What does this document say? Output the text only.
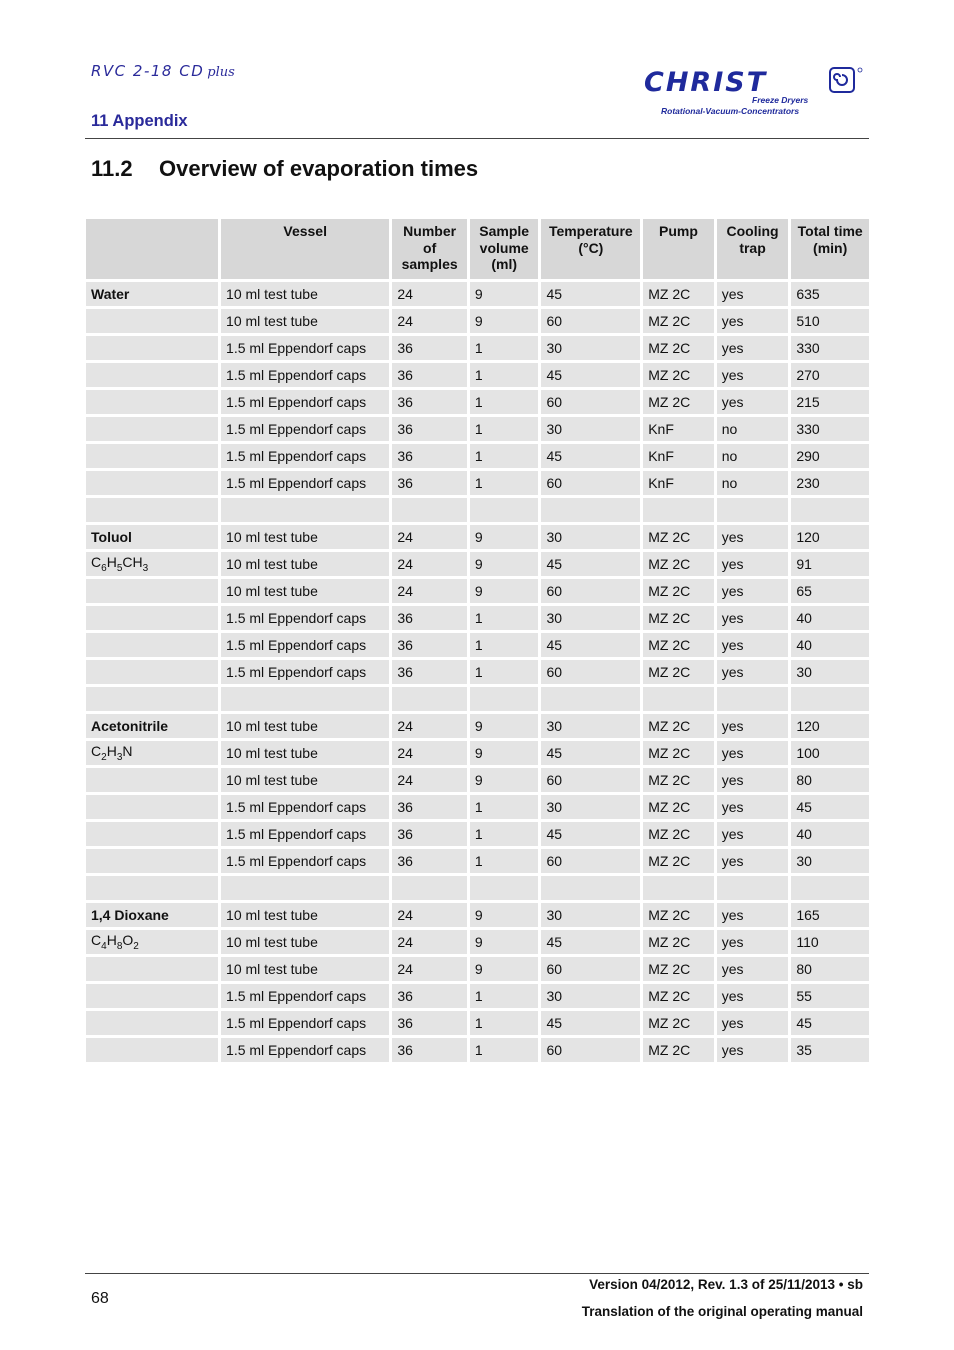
RVC 2-18 CD plus
11 Appendix
CHRIST
Freeze Dryers
Rotational-Vacuum-Concentrators
11.2 Overview of evaporation times
	Vessel	Number of samples	Sample volume (ml)	Temperature (°C)	Pump	Cooling trap	Total time (min)
Water	10 ml test tube	24	9	45	MZ 2C	yes	635
	10 ml test tube	24	9	60	MZ 2C	yes	510
	1.5 ml Eppendorf caps	36	1	30	MZ 2C	yes	330
	1.5 ml Eppendorf caps	36	1	45	MZ 2C	yes	270
	1.5 ml Eppendorf caps	36	1	60	MZ 2C	yes	215
	1.5 ml Eppendorf caps	36	1	30	KnF	no	330
	1.5 ml Eppendorf caps	36	1	45	KnF	no	290
	1.5 ml Eppendorf caps	36	1	60	KnF	no	230

Toluol	10 ml test tube	24	9	30	MZ 2C	yes	120
$C_6H_5CH_3$	10 ml test tube	24	9	45	MZ 2C	yes	91
	10 ml test tube	24	9	60	MZ 2C	yes	65
	1.5 ml Eppendorf caps	36	1	30	MZ 2C	yes	40
	1.5 ml Eppendorf caps	36	1	45	MZ 2C	yes	40
	1.5 ml Eppendorf caps	36	1	60	MZ 2C	yes	30

Acetonitrile	10 ml test tube	24	9	30	MZ 2C	yes	120
$C_2H_3N$	10 ml test tube	24	9	45	MZ 2C	yes	100
	10 ml test tube	24	9	60	MZ 2C	yes	80
	1.5 ml Eppendorf caps	36	1	30	MZ 2C	yes	45
	1.5 ml Eppendorf caps	36	1	45	MZ 2C	yes	40
	1.5 ml Eppendorf caps	36	1	60	MZ 2C	yes	30

1,4 Dioxane	10 ml test tube	24	9	30	MZ 2C	yes	165
$C_4H_8O_2$	10 ml test tube	24	9	45	MZ 2C	yes	110
	10 ml test tube	24	9	60	MZ 2C	yes	80
	1.5 ml Eppendorf caps	36	1	30	MZ 2C	yes	55
	1.5 ml Eppendorf caps	36	1	45	MZ 2C	yes	45
	1.5 ml Eppendorf caps	36	1	60	MZ 2C	yes	35
68
Version 04/2012, Rev. 1.3 of 25/11/2013 • sb
Translation of the original operating manual
